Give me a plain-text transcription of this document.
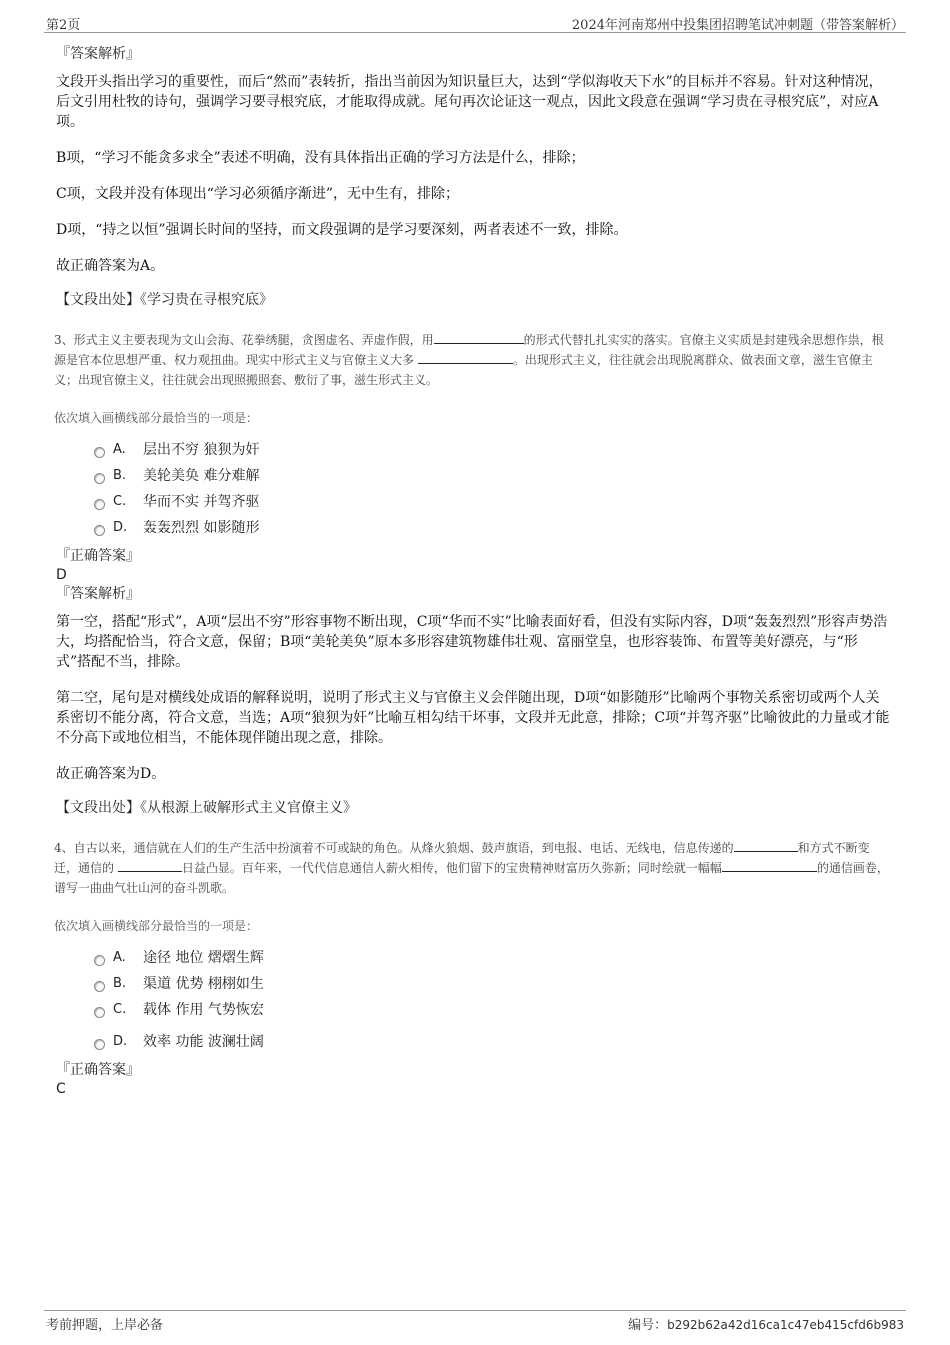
第2页	2024年河南郑州中投集团招聘笔试冲刺题（带答案解析）

『答案解析』

文段开头指出学习的重要性，而后“然而”表转折，指出当前因为知识量巨大，达到“学似海收天下水”的目标并不容易。针对这种情况，后文引用杜牧的诗句，强调学习要寻根究底，才能取得成就。尾句再次论证这一观点，因此文段意在强调“学习贵在寻根究底”，对应A项。

B项，“学习不能贪多求全”表述不明确，没有具体指出正确的学习方法是什么，排除；

C项，文段并没有体现出“学习必须循序渐进”，无中生有，排除；

D项，“持之以恒”强调长时间的坚持，而文段强调的是学习要深刻，两者表述不一致，排除。

故正确答案为A。

【文段出处】《学习贵在寻根究底》

3、形式主义主要表现为文山会海、花拳绣腿，贪图虚名、弄虚作假，用	的形式代替扎扎实实的落实。官僚主义实质是封建残余思想作祟，根源是官本位思想严重、权力观扭曲。现实中形式主义与官僚主义大多	。出现形式主义，往往就会出现脱离群众、做表面文章，滋生官僚主义；出现官僚主义，往往就会出现照搬照套、敷衍了事，滋生形式主义。

依次填入画横线部分最恰当的一项是：

A.	层出不穷 狼狈为奸
B.	美轮美奂 难分难解
C.	华而不实 并驾齐驱
D.	轰轰烈烈 如影随形

『正确答案』

D

『答案解析』

第一空，搭配“形式”，A项“层出不穷”形容事物不断出现，C项“华而不实”比喻表面好看，但没有实际内容，D项“轰轰烈烈”形容声势浩大，均搭配恰当，符合文意，保留；B项“美轮美奂”原本多形容建筑物雄伟壮观、富丽堂皇，也形容装饰、布置等美好漂亮，与“形式”搭配不当，排除。

第二空，尾句是对横线处成语的解释说明，说明了形式主义与官僚主义会伴随出现，D项“如影随形”比喻两个事物关系密切或两个人关系密切不能分离，符合文意，当选；A项“狼狈为奸”比喻互相勾结干坏事，文段并无此意，排除；C项“并驾齐驱”比喻彼此的力量或才能不分高下或地位相当，不能体现伴随出现之意，排除。

故正确答案为D。

【文段出处】《从根源上破解形式主义官僚主义》

4、自古以来，通信就在人们的生产生活中扮演着不可或缺的角色。从烽火狼烟、鼓声旗语，到电报、电话、无线电，信息传递的	和方式不断变迁，通信的	日益凸显。百年来，一代代信息通信人薪火相传，他们留下的宝贵精神财富历久弥新；同时绘就一幅幅	的通信画卷，谱写一曲曲气壮山河的奋斗凯歌。

依次填入画横线部分最恰当的一项是：

A.	途径 地位 熠熠生辉
B.	渠道 优势 栩栩如生
C.	载体 作用 气势恢宏
D.	效率 功能 波澜壮阔

『正确答案』

C

考前押题，上岸必备	编号：b292b62a42d16ca1c47eb415cfd6b983
